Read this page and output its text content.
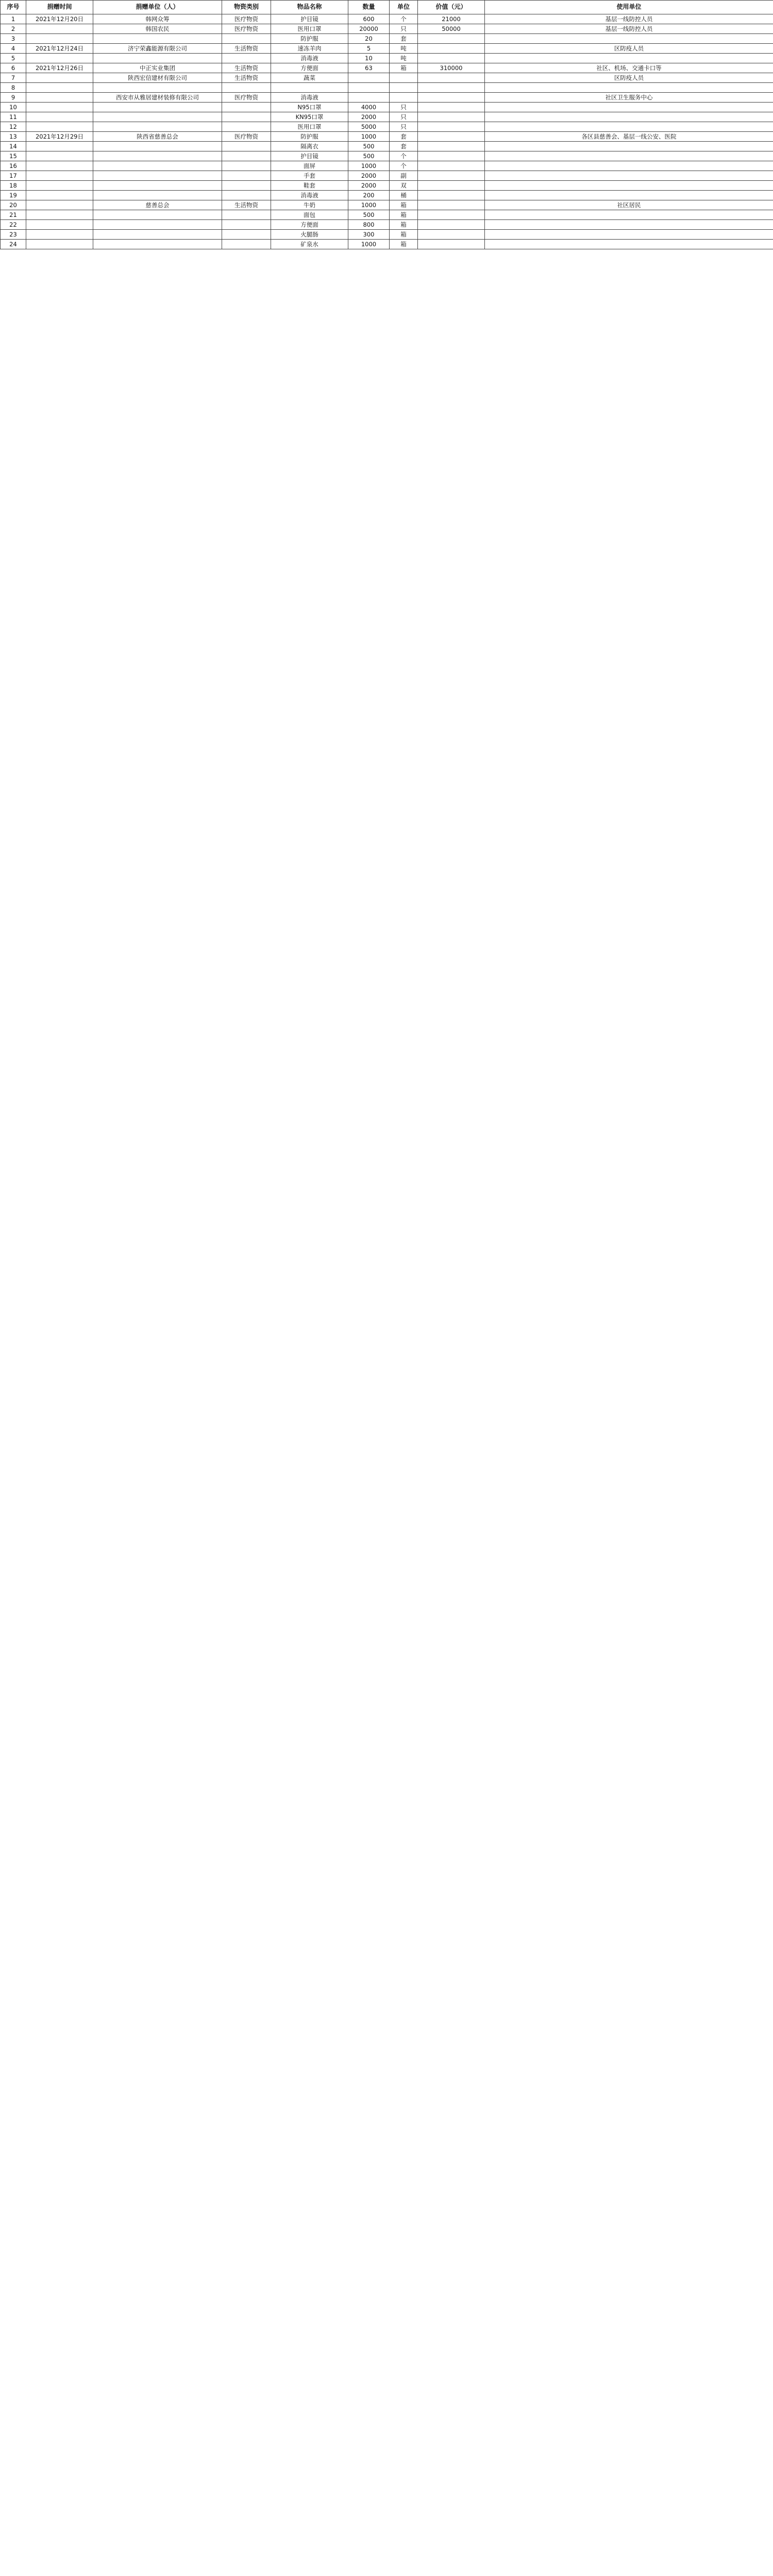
序号	捐赠时间	捐赠单位（人）	物资类别	物品名称	数量	单位	价值（元）	使用单位
1	2021年12月20日	韩网众筹	医疗物资	护目镜	600	个	21000	基层一线防控人员
2		韩国农民	医疗物资	医用口罩	20000	只	50000	基层一线防控人员
3				防护服	20	套		
4	2021年12月24日	济宁荣鑫能源有限公司	生活物资	速冻羊肉	5	吨		区防疫人员
5				消毒液	10	吨		
6	2021年12月26日	中正实业集团	生活物资	方便面	63	箱	310000	社区、机场、交通卡口等
7		陕西宏信建材有限公司	生活物资	蔬菜				区防疫人员
8								
9		西安市从雅居建材装修有限公司	医疗物资	消毒液				社区卫生服务中心
10				N95口罩	4000	只		
11				KN95口罩	2000	只		
12				医用口罩	5000	只		
13	2021年12月29日	陕西省慈善总会	医疗物资	防护服	1000	套		各区县慈善会、基层一线公安、医院
14				隔离衣	500	套		
15				护目镜	500	个		
16				面屏	1000	个		
17				手套	2000	副		
18				鞋套	2000	双		
19				消毒液	200	桶		
20		慈善总会	生活物资	牛奶	1000	箱		社区居民
21				面包	500	箱		
22				方便面	800	箱		
23				火腿肠	300	箱		
24				矿泉水	1000	箱		
